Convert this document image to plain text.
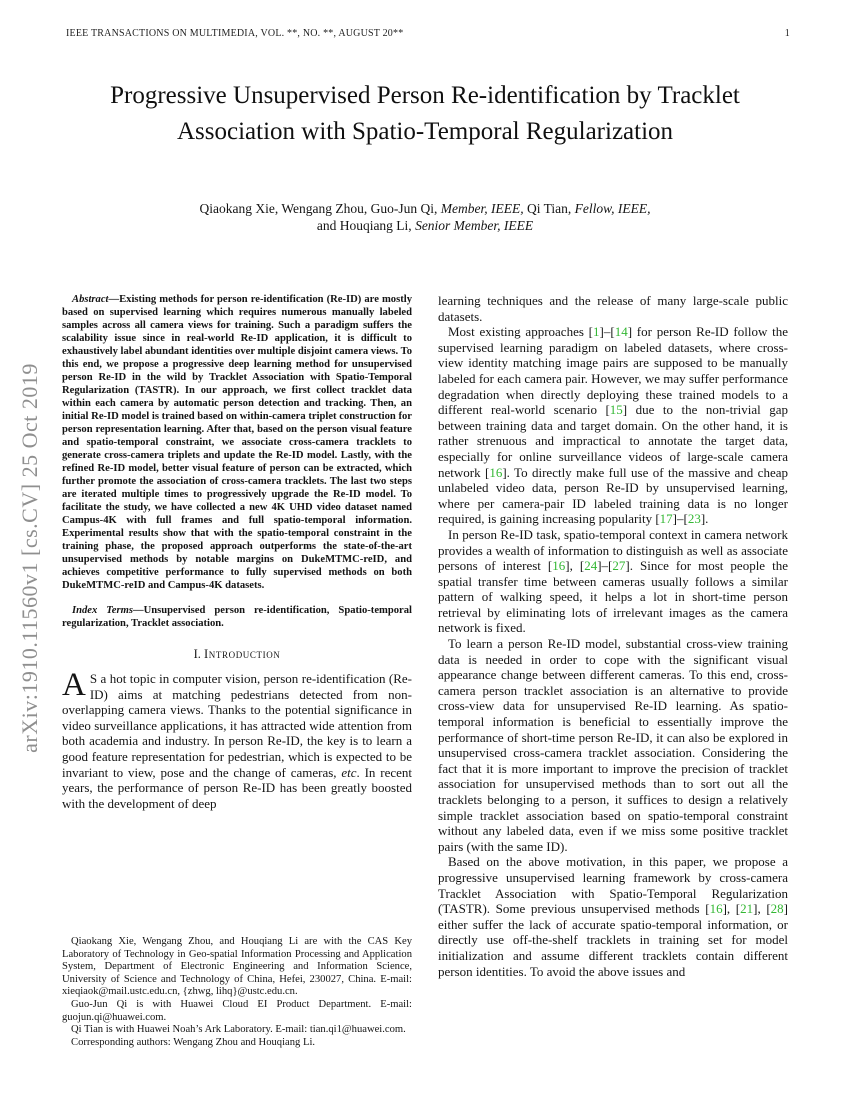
IEEE TRANSACTIONS ON MULTIMEDIA, VOL. **, NO. **, AUGUST 20**	1
arXiv:1910.11560v1 [cs.CV] 25 Oct 2019
Progressive Unsupervised Person Re-identification by Tracklet Association with Spatio-Temporal Regularization
Qiaokang Xie, Wengang Zhou, Guo-Jun Qi, Member, IEEE, Qi Tian, Fellow, IEEE,
and Houqiang Li, Senior Member, IEEE

Abstract—Existing methods for person re-identification (Re-ID) are mostly based on supervised learning which requires numerous manually labeled samples across all camera views for training. Such a paradigm suffers the scalability issue since in real-world Re-ID application, it is difficult to exhaustively label abundant identities over multiple disjoint camera views. To this end, we propose a progressive deep learning method for unsupervised person Re-ID in the wild by Tracklet Association with Spatio-Temporal Regularization (TASTR). In our approach, we first collect tracklet data within each camera by automatic person detection and tracking. Then, an initial Re-ID model is trained based on within-camera triplet construction for person representation learning. After that, based on the person visual feature and spatio-temporal constraint, we associate cross-camera tracklets to generate cross-camera triplets and update the Re-ID model. Lastly, with the refined Re-ID model, better visual feature of person can be extracted, which further promote the association of cross-camera tracklets. The last two steps are iterated multiple times to progressively upgrade the Re-ID model. To facilitate the study, we have collected a new 4K UHD video dataset named Campus-4K with full frames and full spatio-temporal information. Experimental results show that with the spatio-temporal constraint in the training phase, the proposed approach outperforms the state-of-the-art unsupervised methods by notable margins on DukeMTMC-reID, and achieves competitive performance to fully supervised methods on both DukeMTMC-reID and Campus-4K datasets.

Index Terms—Unsupervised person re-identification, Spatio-temporal regularization, Tracklet association.

I. Introduction

A S a hot topic in computer vision, person re-identification (Re-ID) aims at matching pedestrians detected from non-overlapping camera views. Thanks to the potential significance in video surveillance applications, it has attracted wide attention from both academia and industry. In person Re-ID, the key is to learn a good feature representation for pedestrian, which is expected to be invariant to view, pose and the change of cameras, etc. In recent years, the performance of person Re-ID has been greatly boosted with the development of deep

learning techniques and the release of many large-scale public datasets.

Most existing approaches [1]–[14] for person Re-ID follow the supervised learning paradigm on labeled datasets, where cross-view identity matching image pairs are supposed to be manually labeled for each camera pair. However, we may suffer performance degradation when directly deploying these trained models to a different real-world scenario [15] due to the non-trivial gap between training data and target domain. On the other hand, it is rather strenuous and impractical to annotate the target data, especially for online surveillance videos of large-scale camera network [16]. To directly make full use of the massive and cheap unlabeled video data, person Re-ID by unsupervised learning, where per camera-pair ID labeled training data is no longer required, is gaining increasing popularity [17]–[23].

In person Re-ID task, spatio-temporal context in camera network provides a wealth of information to distinguish as well as associate persons of interest [16], [24]–[27]. Since for most people the spatial transfer time between cameras usually follows a similar pattern of walking speed, it helps a lot in short-time person retrieval by eliminating lots of irrelevant images as the camera network is fixed.

To learn a person Re-ID model, substantial cross-view training data is needed in order to cope with the significant visual appearance change between different cameras. To this end, cross-camera person tracklet association is an alternative to provide cross-view data for unsupervised Re-ID learning. As spatio-temporal information is beneficial to essentially improve the performance of short-time person Re-ID, it can also be explored in unsupervised cross-camera tracklet association. Considering the fact that it is more important to improve the precision of tracklet association for unsupervised methods than to sort out all the tracklets belonging to a person, it suffices to design a relatively simple tracklet association based on spatio-temporal constraint without any labeled data, even if we miss some positive tracklet pairs (with the same ID).

Based on the above motivation, in this paper, we propose a progressive unsupervised learning framework by cross-camera Tracklet Association with Spatio-Temporal Regularization (TASTR). Some previous unsupervised methods [16], [21], [28] either suffer the lack of accurate spatio-temporal information, or directly use off-the-shelf tracklets in training set for model initialization and assume different tracklets contain different person identities. To avoid the above issues and

Qiaokang Xie, Wengang Zhou, and Houqiang Li are with the CAS Key Laboratory of Technology in Geo-spatial Information Processing and Application System, Department of Electronic Engineering and Information Science, University of Science and Technology of China, Hefei, 230027, China. E-mail: xieqiaok@mail.ustc.edu.cn, {zhwg, lihq}@ustc.edu.cn.

Guo-Jun Qi is with Huawei Cloud EI Product Department. E-mail: guojun.qi@huawei.com.

Qi Tian is with Huawei Noah’s Ark Laboratory. E-mail: tian.qi1@huawei.com.

Corresponding authors: Wengang Zhou and Houqiang Li.
